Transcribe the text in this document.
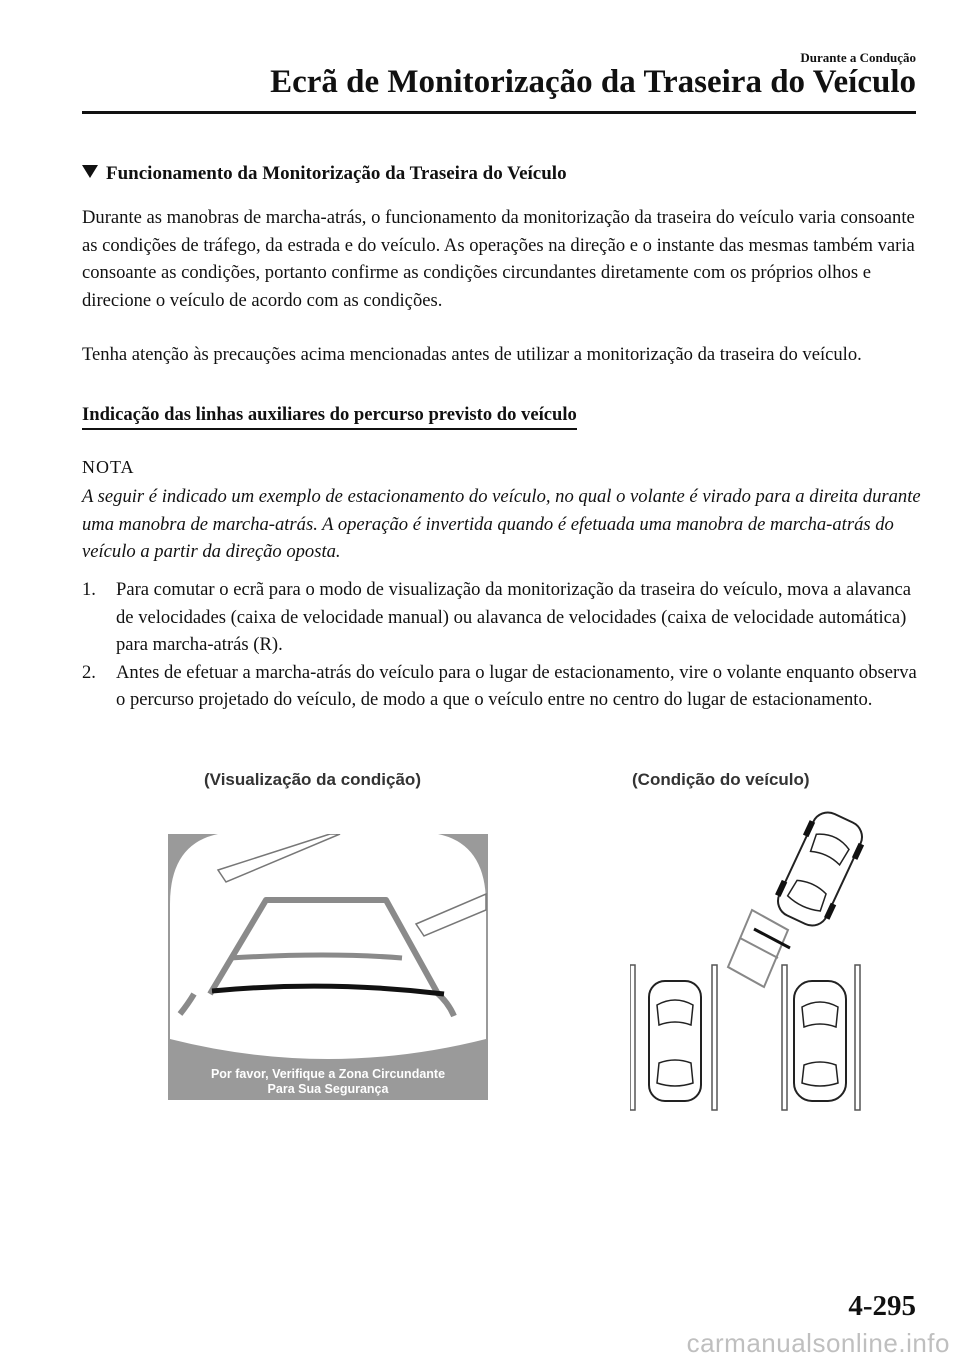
Durante a Condução
Ecrã de Monitorização da Traseira do Veículo
Funcionamento da Monitorização da Traseira do Veículo
Durante as manobras de marcha-atrás, o funcionamento da monitorização da traseira do veículo varia consoante as condições de tráfego, da estrada e do veículo. As operações na direção e o instante das mesmas também varia consoante as condições, portanto confirme as condições circundantes diretamente com os próprios olhos e direcione o veículo de acordo com as condições.
Tenha atenção às precauções acima mencionadas antes de utilizar a monitorização da traseira do veículo.
Indicação das linhas auxiliares do percurso previsto do veículo
NOTA
A seguir é indicado um exemplo de estacionamento do veículo, no qual o volante é virado para a direita durante uma manobra de marcha-atrás. A operação é invertida quando é efetuada uma manobra de marcha-atrás do veículo a partir da direção oposta.
1. Para comutar o ecrã para o modo de visualização da monitorização da traseira do veículo, mova a alavanca de velocidades (caixa de velocidade manual) ou alavanca de velocidades (caixa de velocidade automática) para marcha-atrás (R).
2. Antes de efetuar a marcha-atrás do veículo para o lugar de estacionamento, vire o volante enquanto observa o percurso projetado do veículo, de modo a que o veículo entre no centro do lugar de estacionamento.
(Visualização da condição)	(Condição do veículo)
Por favor, Verifique a Zona Circundante
Para Sua Segurança
4-295
carmanualsonline.info
